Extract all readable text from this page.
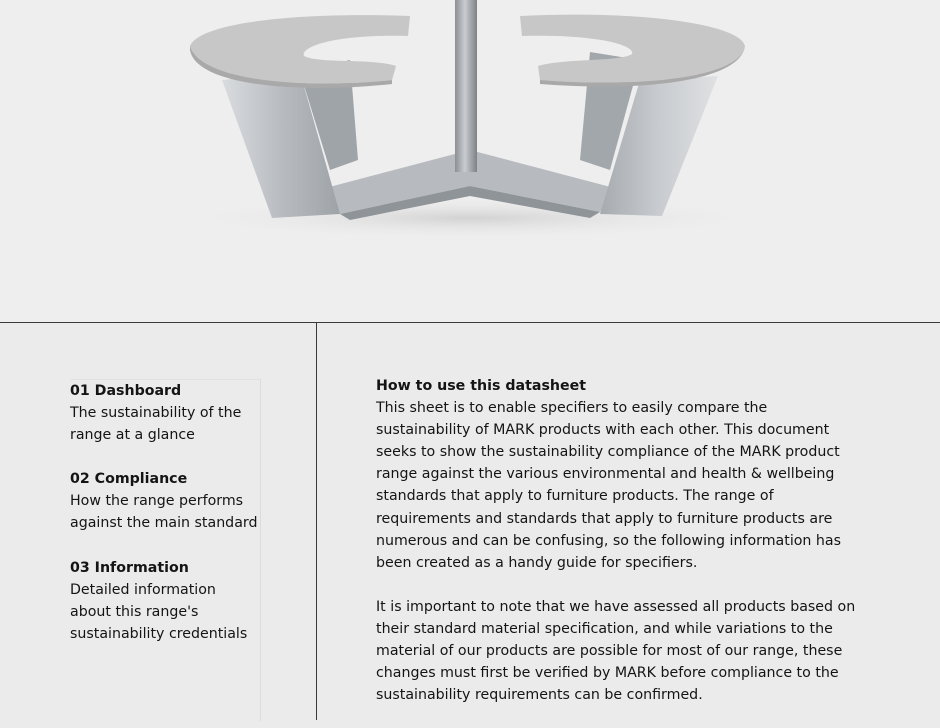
01 Dashboard
The sustainability of the range at a glance
02 Compliance
How the range performs against the main standard
03 Information
Detailed information about this range's sustainability credentials
How to use this datasheet

This sheet is to enable specifiers to easily compare the sustainability of MARK products with each other. This document seeks to show the sustainability compliance of the MARK product range against the various environmental and health & wellbeing standards that apply to furniture products. The range of requirements and standards that apply to furniture products are numerous and can be confusing, so the following information has been created as a handy guide for specifiers.

It is important to note that we have assessed all products based on their standard material specification, and while variations to the material of our products are possible for most of our range, these changes must first be verified by MARK before compliance to the sustainability requirements can be confirmed.
